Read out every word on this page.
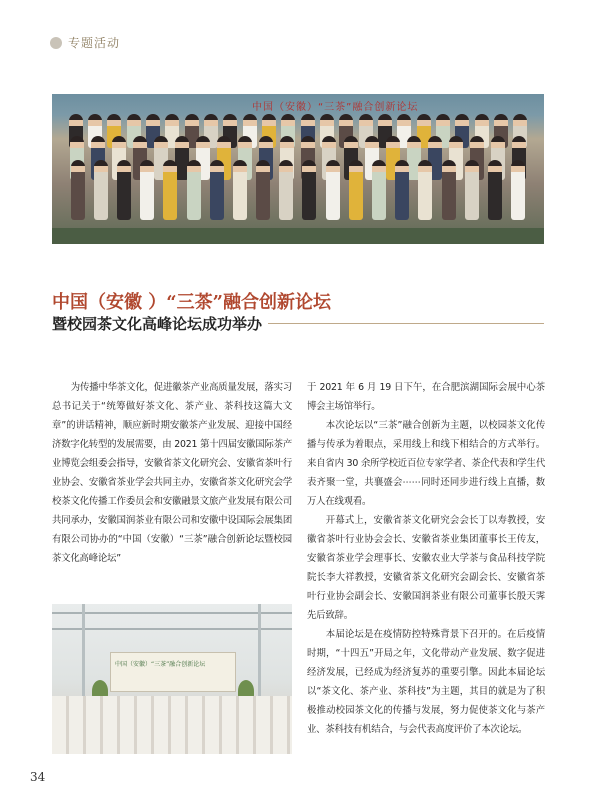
专题活动
中国（安徽）“三茶”融合创新论坛
中国（安徽 ）“三茶”融合创新论坛
暨校园茶文化高峰论坛成功举办

为传播中华茶文化，促进徽茶产业高质量发展，落实习总书记关于“统筹做好茶文化、茶产业、茶科技这篇大文章”的讲话精神，顺应新时期安徽茶产业发展、迎接中国经济数字化转型的发展需要，由 2021 第十四届安徽国际茶产业博览会组委会指导，安徽省茶文化研究会、安徽省茶叶行业协会、安徽省茶业学会共同主办，安徽省茶文化研究会学校茶文化传播工作委员会和安徽融景文旅产业发展有限公司共同承办，安徽国润茶业有限公司和安徽中设国际会展集团有限公司协办的“中国（安徽）“三茶”融合创新论坛暨校园茶文化高峰论坛”

中国（安徽）“三茶”融合创新论坛

于 2021 年 6 月 19 日下午，在合肥滨湖国际会展中心茶博会主场馆举行。

本次论坛以“三茶”融合创新为主题，以校园茶文化传播与传承为着眼点，采用线上和线下相结合的方式举行。来自省内 30 余所学校近百位专家学者、茶企代表和学生代表齐聚一堂，共襄盛会⋯⋯同时还同步进行线上直播，数万人在线观看。

开幕式上，安徽省茶文化研究会会长丁以寿教授，安徽省茶叶行业协会会长、安徽省茶业集团董事长王传友，安徽省茶业学会理事长、安徽农业大学茶与食品科技学院院长李大祥教授，安徽省茶文化研究会副会长、安徽省茶叶行业协会副会长、安徽国润茶业有限公司董事长殷天霁先后致辞。

本届论坛是在疫情防控特殊背景下召开的。在后疫情时期，“十四五”开局之年，文化带动产业发展、数字促进经济发展，已经成为经济复苏的重要引擎。因此本届论坛以“茶文化、茶产业、茶科技”为主题，其目的就是为了积极推动校园茶文化的传播与发展，努力促使茶文化与茶产业、茶科技有机结合，与会代表高度评价了本次论坛。

34
